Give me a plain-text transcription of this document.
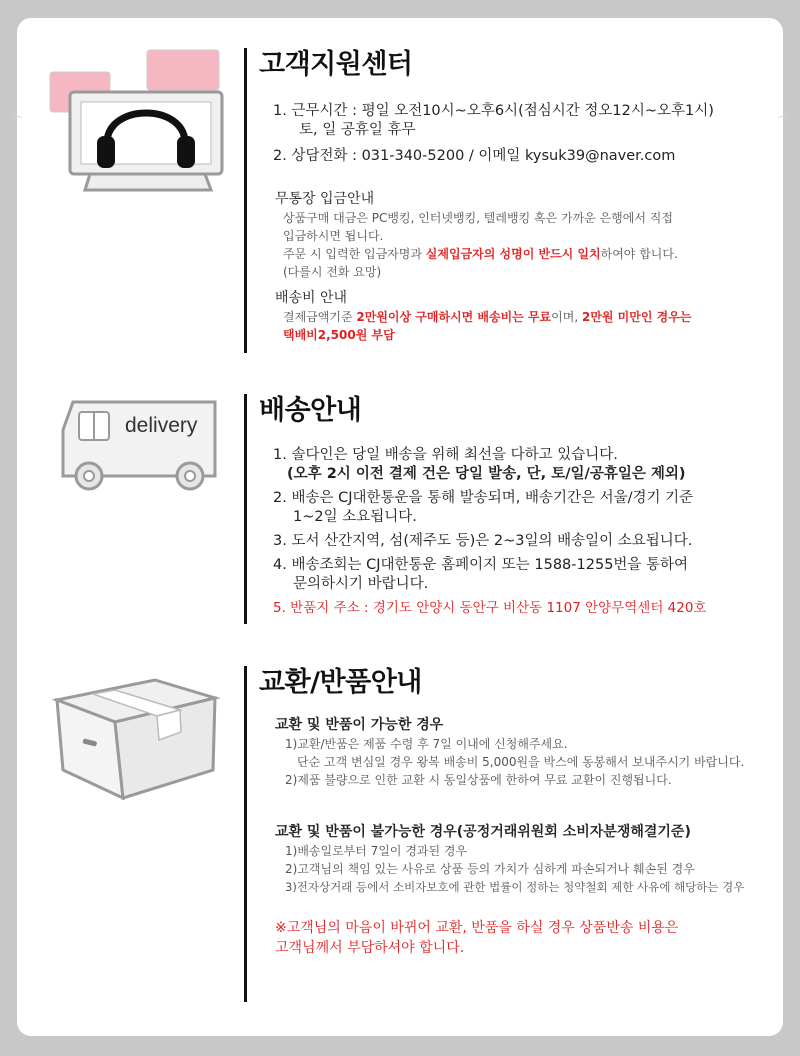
고객지원센터
1. 근무시간 : 평일 오전10시~오후6시(점심시간 정오12시~오후1시)
토, 일 공휴일 휴무
2. 상담전화 : 031-340-5200 / 이메일 kysuk39@naver.com
무통장 입금안내
상품구매 대금은 PC뱅킹, 인터넷뱅킹, 텔레뱅킹 혹은 가까운 은행에서 직접
입금하시면 됩니다.
주문 시 입력한 입금자명과 실제입금자의 성명이 반드시 일치하여야 합니다.
(다를시 전화 요망)
배송비 안내
결제금액기준 2만원이상 구매하시면 배송비는 무료이며, 2만원 미만인 경우는
택배비2,500원 부담
delivery 배송안내
1. 솔다인은 당일 배송을 위해 최선을 다하고 있습니다.
(오후 2시 이전 결제 건은 당일 발송, 단, 토/일/공휴일은 제외)
2. 배송은 CJ대한통운을 통해 발송되며, 배송기간은 서울/경기 기준
1~2일 소요됩니다.
3. 도서 산간지역, 섬(제주도 등)은 2~3일의 배송일이 소요됩니다.
4. 배송조회는 CJ대한통운 홈페이지 또는 1588-1255번을 통하여
문의하시기 바랍니다.
5. 반품지 주소 : 경기도 안양시 동안구 비산동 1107 안양무역센터 420호
교환/반품안내
교환 및 반품이 가능한 경우
1)교환/반품은 제품 수령 후 7일 이내에 신청해주세요.
단순 고객 변심일 경우 왕복 배송비 5,000원을 박스에 동봉해서 보내주시기 바랍니다.
2)제품 불량으로 인한 교환 시 동일상품에 한하여 무료 교환이 진행됩니다.
교환 및 반품이 불가능한 경우(공정거래위원회 소비자분쟁해결기준)
1)배송일로부터 7일이 경과된 경우
2)고객님의 책임 있는 사유로 상품 등의 가치가 심하게 파손되거나 훼손된 경우
3)전자상거래 등에서 소비자보호에 관한 법률이 정하는 청약철회 제한 사유에 해당하는 경우
※고객님의 마음이 바뀌어 교환, 반품을 하실 경우 상품반송 비용은
고객님께서 부담하셔야 합니다.
